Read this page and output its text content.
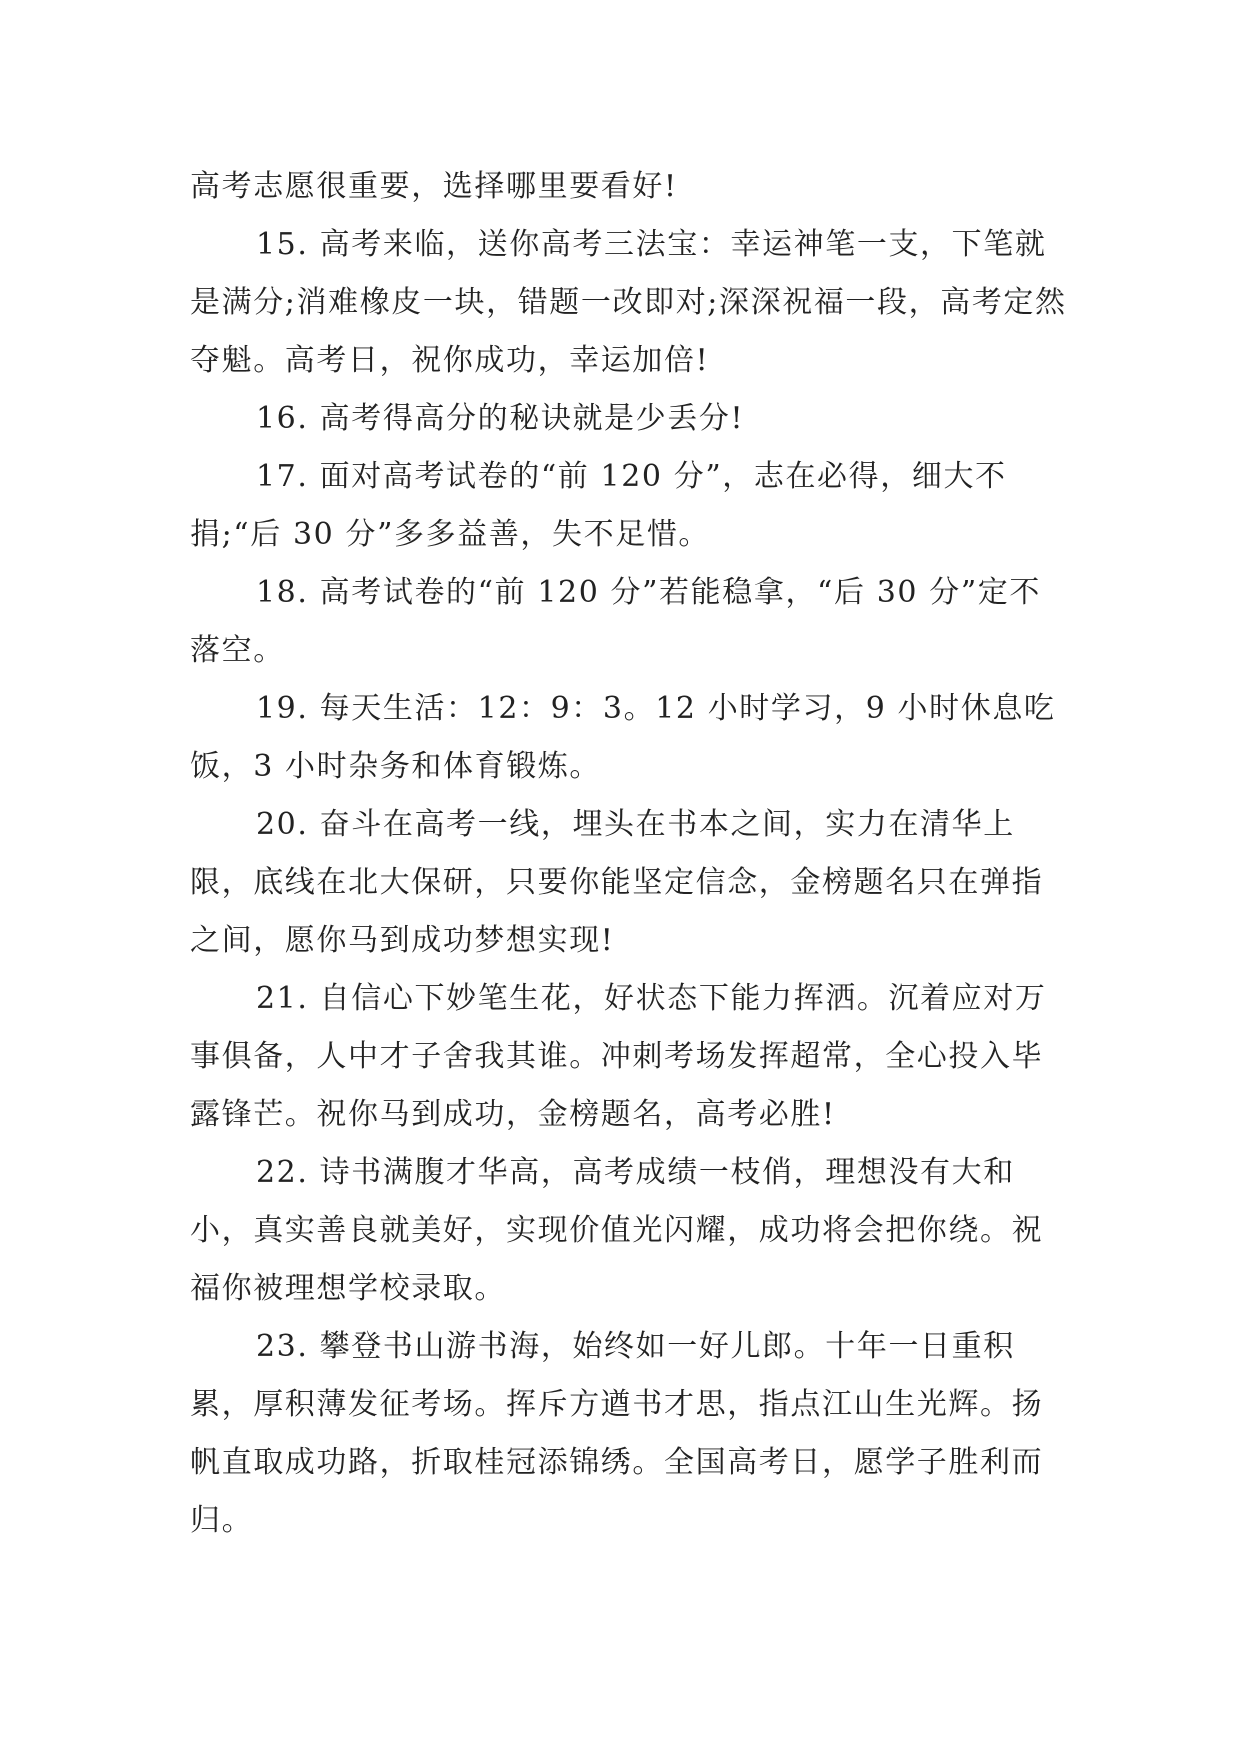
高考志愿很重要，选择哪里要看好!

15. 高考来临，送你高考三法宝：幸运神笔一支，下笔就是满分;消难橡皮一块，错题一改即对;深深祝福一段，高考定然夺魁。高考日，祝你成功，幸运加倍!

16. 高考得高分的秘诀就是少丢分!

17. 面对高考试卷的“前 120 分”，志在必得，细大不捐;“后 30 分”多多益善，失不足惜。

18. 高考试卷的“前 120 分”若能稳拿，“后 30 分”定不落空。

19. 每天生活：12：9：3。12 小时学习，9 小时休息吃饭，3 小时杂务和体育锻炼。

20. 奋斗在高考一线，埋头在书本之间，实力在清华上限，底线在北大保研，只要你能坚定信念，金榜题名只在弹指之间，愿你马到成功梦想实现!

21. 自信心下妙笔生花，好状态下能力挥洒。沉着应对万事俱备，人中才子舍我其谁。冲刺考场发挥超常，全心投入毕露锋芒。祝你马到成功，金榜题名，高考必胜!

22. 诗书满腹才华高，高考成绩一枝俏，理想没有大和小，真实善良就美好，实现价值光闪耀，成功将会把你绕。祝福你被理想学校录取。

23. 攀登书山游书海，始终如一好儿郎。十年一日重积累，厚积薄发征考场。挥斥方遒书才思，指点江山生光辉。扬帆直取成功路，折取桂冠添锦绣。全国高考日，愿学子胜利而归。
